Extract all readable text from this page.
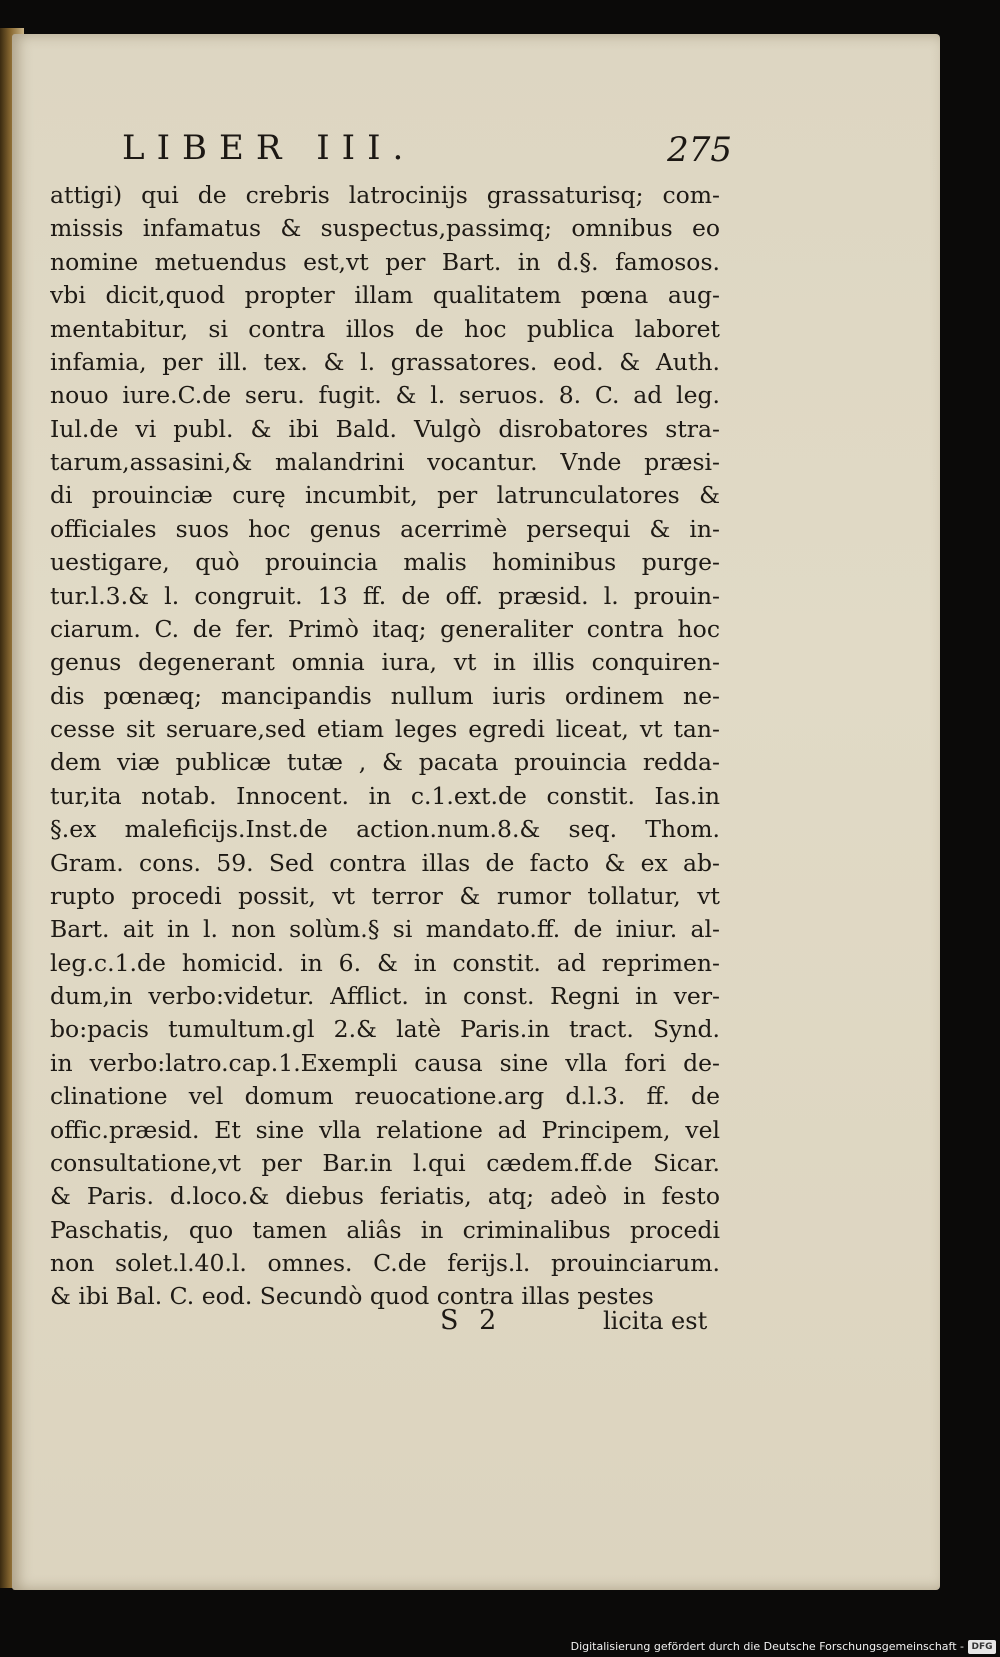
LIBER III.	275
attigi) qui de crebris latrocinijs grassaturisq; com-
missis infamatus & suspectus,passimq; omnibus eo
nomine metuendus est,vt per Bart. in d.§. famosos.
vbi dicit,quod propter illam qualitatem pœna aug-
mentabitur, si contra illos de hoc publica laboret
infamia, per ill. tex. & l. grassatores. eod. & Auth.
nouo iure.C.de seru. fugit. & l. seruos. 8. C. ad leg.
Iul.de vi publ. & ibi Bald. Vulgò disrobatores stra-
tarum,assasini,& malandrini vocantur. Vnde præsi-
di prouinciæ curę incumbit, per latrunculatores &
officiales suos hoc genus acerrimè persequi & in-
uestigare, quò prouincia malis hominibus purge-
tur.l.3.& l. congruit. 13 ff. de off. præsid. l. prouin-
ciarum. C. de fer. Primò itaq; generaliter contra hoc
genus degenerant omnia iura, vt in illis conquiren-
dis pœnæq; mancipandis nullum iuris ordinem ne-
cesse sit seruare,sed etiam leges egredi liceat, vt tan-
dem viæ publicæ tutæ , & pacata prouincia redda-
tur,ita notab. Innocent. in c.1.ext.de constit. Ias.in
§.ex maleficijs.Inst.de action.num.8.& seq. Thom.
Gram. cons. 59. Sed contra illas de facto & ex ab-
rupto procedi possit, vt terror & rumor tollatur, vt
Bart. ait in l. non solùm.§ si mandato.ff. de iniur. al-
leg.c.1.de homicid. in 6. & in constit. ad reprimen-
dum,in verbo:videtur. Afflict. in const. Regni in ver-
bo:pacis tumultum.gl 2.& latè Paris.in tract. Synd.
in verbo:latro.cap.1.Exempli causa sine vlla fori de-
clinatione vel domum reuocatione.arg d.l.3. ff. de
offic.præsid. Et sine vlla relatione ad Principem, vel
consultatione,vt per Bar.in l.qui cædem.ff.de Sicar.
& Paris. d.loco.& diebus feriatis, atq; adeò in festo
Paschatis, quo tamen aliâs in criminalibus procedi
non solet.l.40.l. omnes. C.de ferijs.l. prouinciarum.
& ibi Bal. C. eod. Secundò quod contra illas pestes
S 2	licita est
Digitalisierung gefördert durch die Deutsche Forschungsgemeinschaft - DFG
